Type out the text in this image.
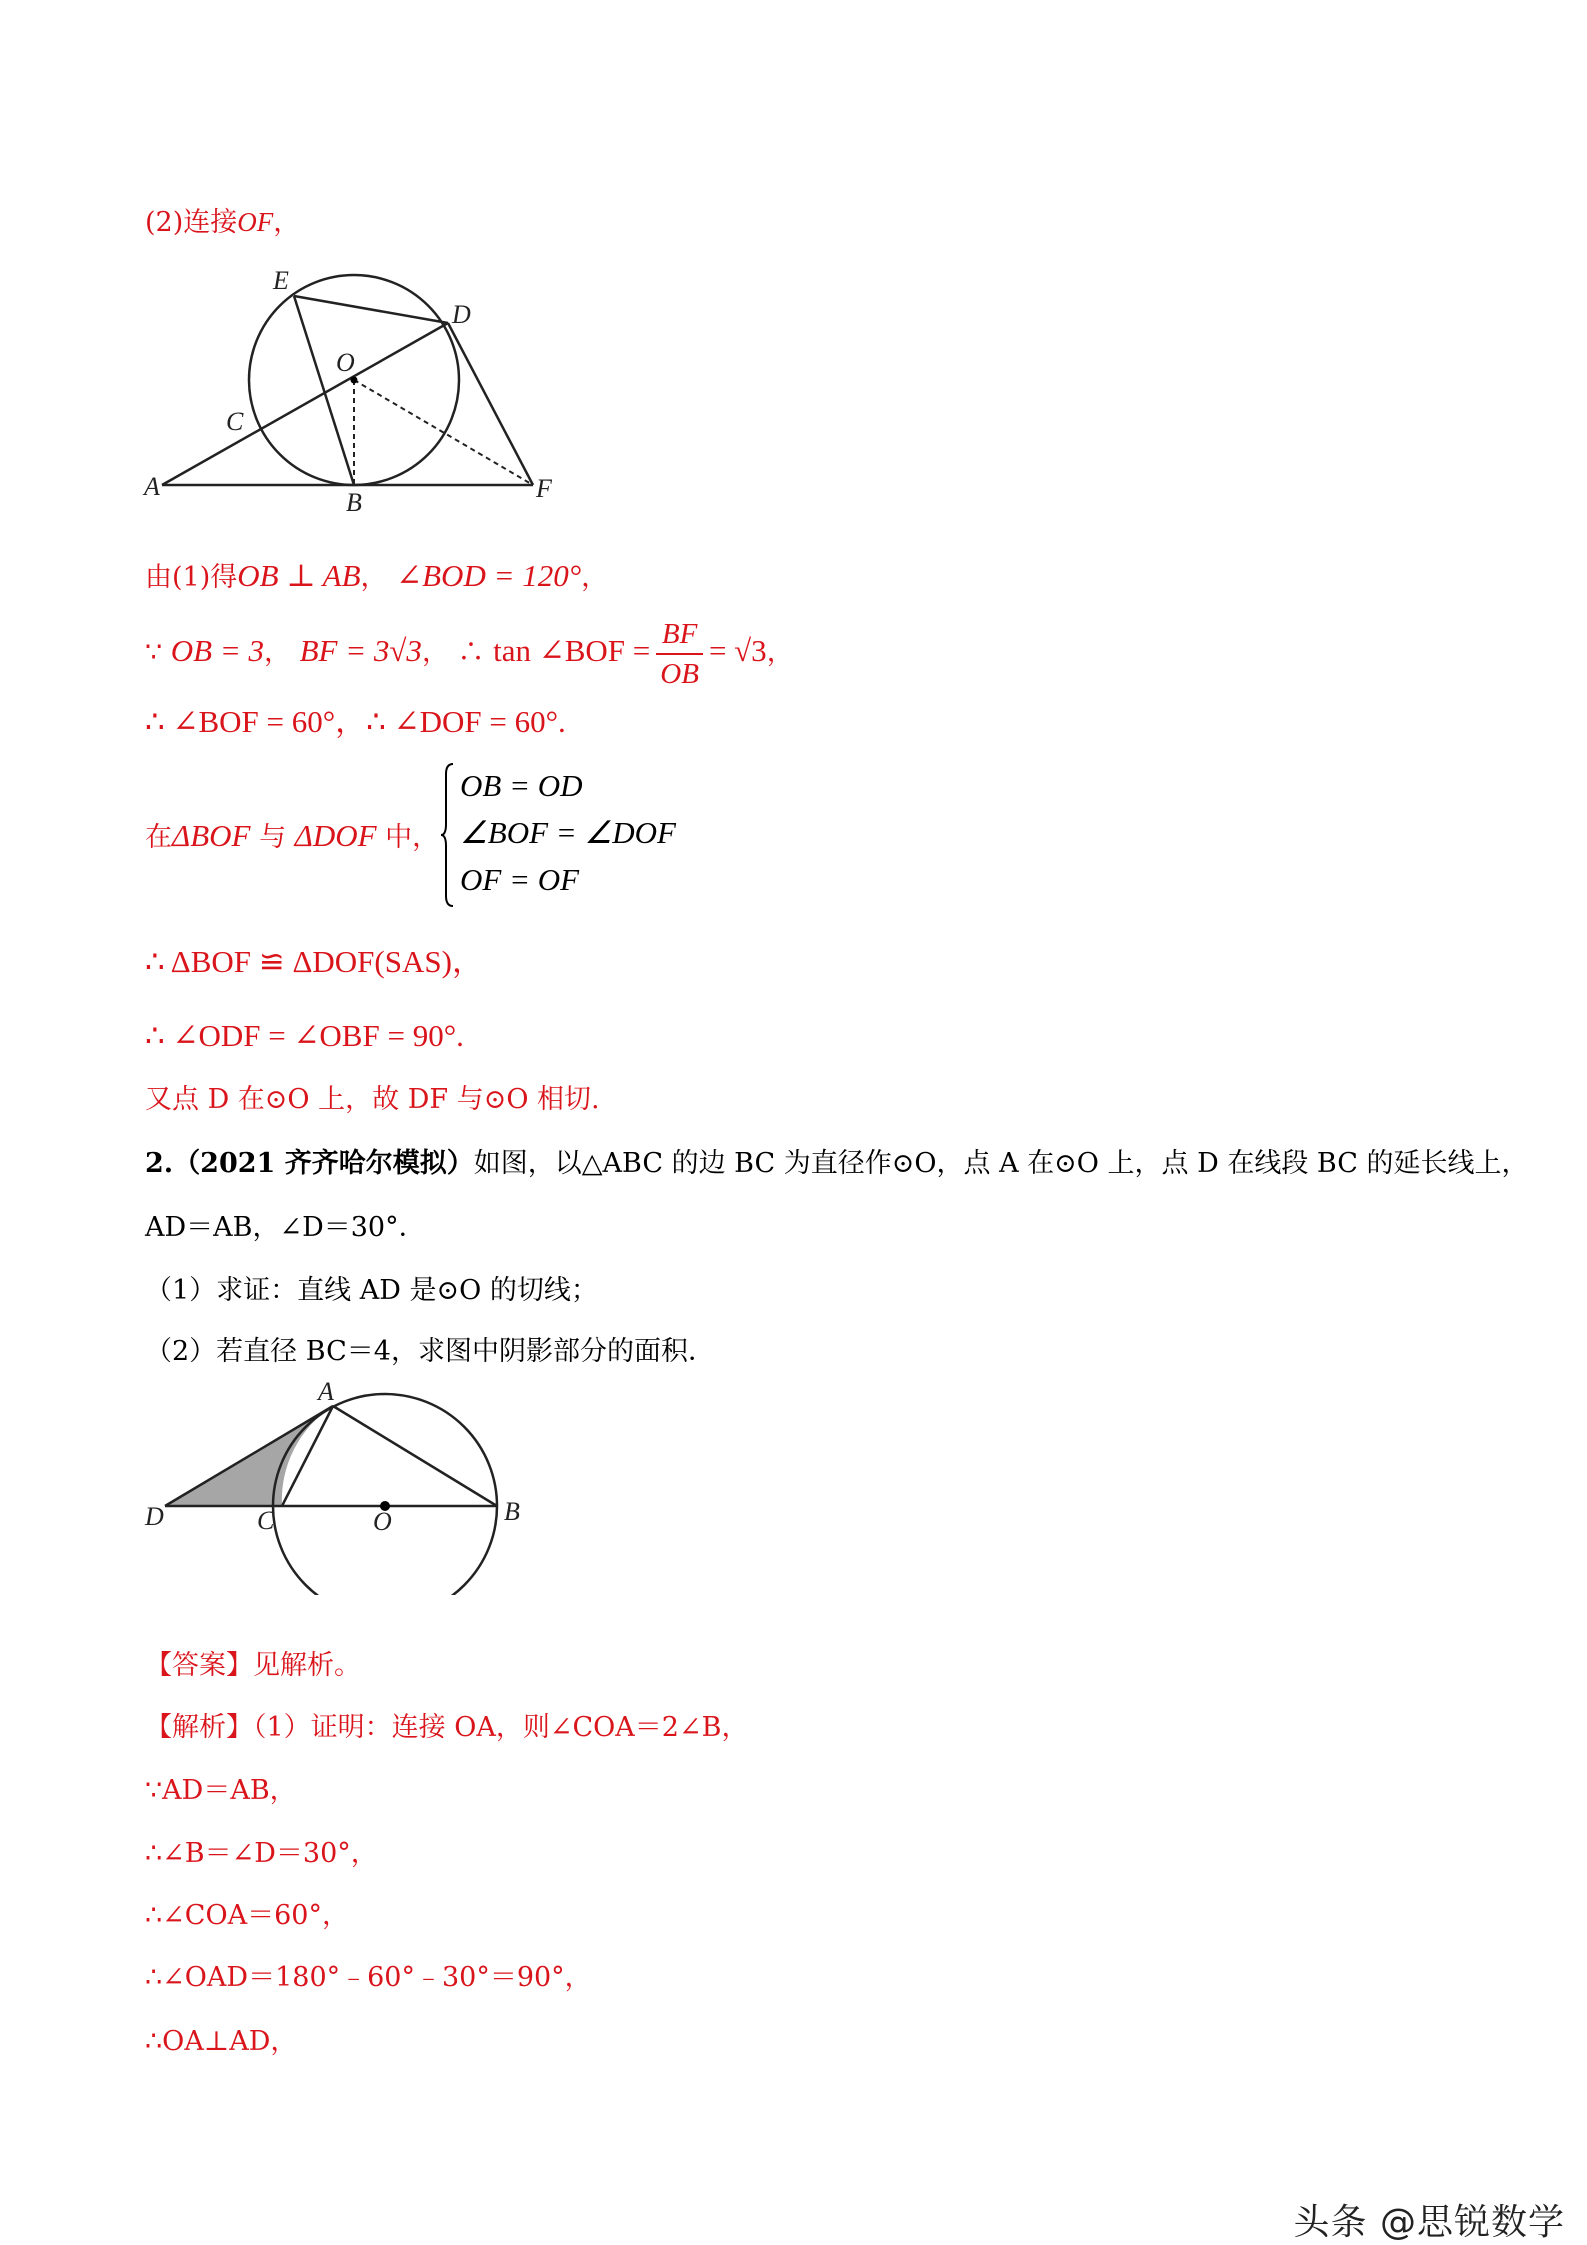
(2)连接OF，
E
D
O
C
A
B	F
由(1)得OB ⊥ AB， ∠BOD = 120°，
∵ OB = 3， BF = 3√3， ∴ tan ∠BOF = $\frac{BF}{OB} = √3$，
∴ ∠BOF = 60°，∴ ∠DOF = 60°.
在ΔBOF 与 ΔDOF 中，
OB = OD
∠BOF = ∠DOF
OF = OF
∴ ΔBOF ≌ ΔDOF(SAS)，
∴ ∠ODF = ∠OBF = 90°.
又点 D 在⊙O 上，故 DF 与⊙O 相切.
2.（2021 齐齐哈尔模拟）如图，以△ABC 的边 BC 为直径作⊙O，点 A 在⊙O 上，点 D 在线段 BC 的延长线上，
AD＝AB，∠D＝30°．
（1）求证：直线 AD 是⊙O 的切线；
（2）若直径 BC＝4，求图中阴影部分的面积．
A
D	C	O	B
【答案】见解析。
【解析】（1）证明：连接 OA，则∠COA＝2∠B，
∵AD＝AB，
∴∠B＝∠D＝30°，
∴∠COA＝60°，
∴∠OAD＝180°﹣60°﹣30°＝90°，
∴OA⊥AD，
头条 @思锐数学
